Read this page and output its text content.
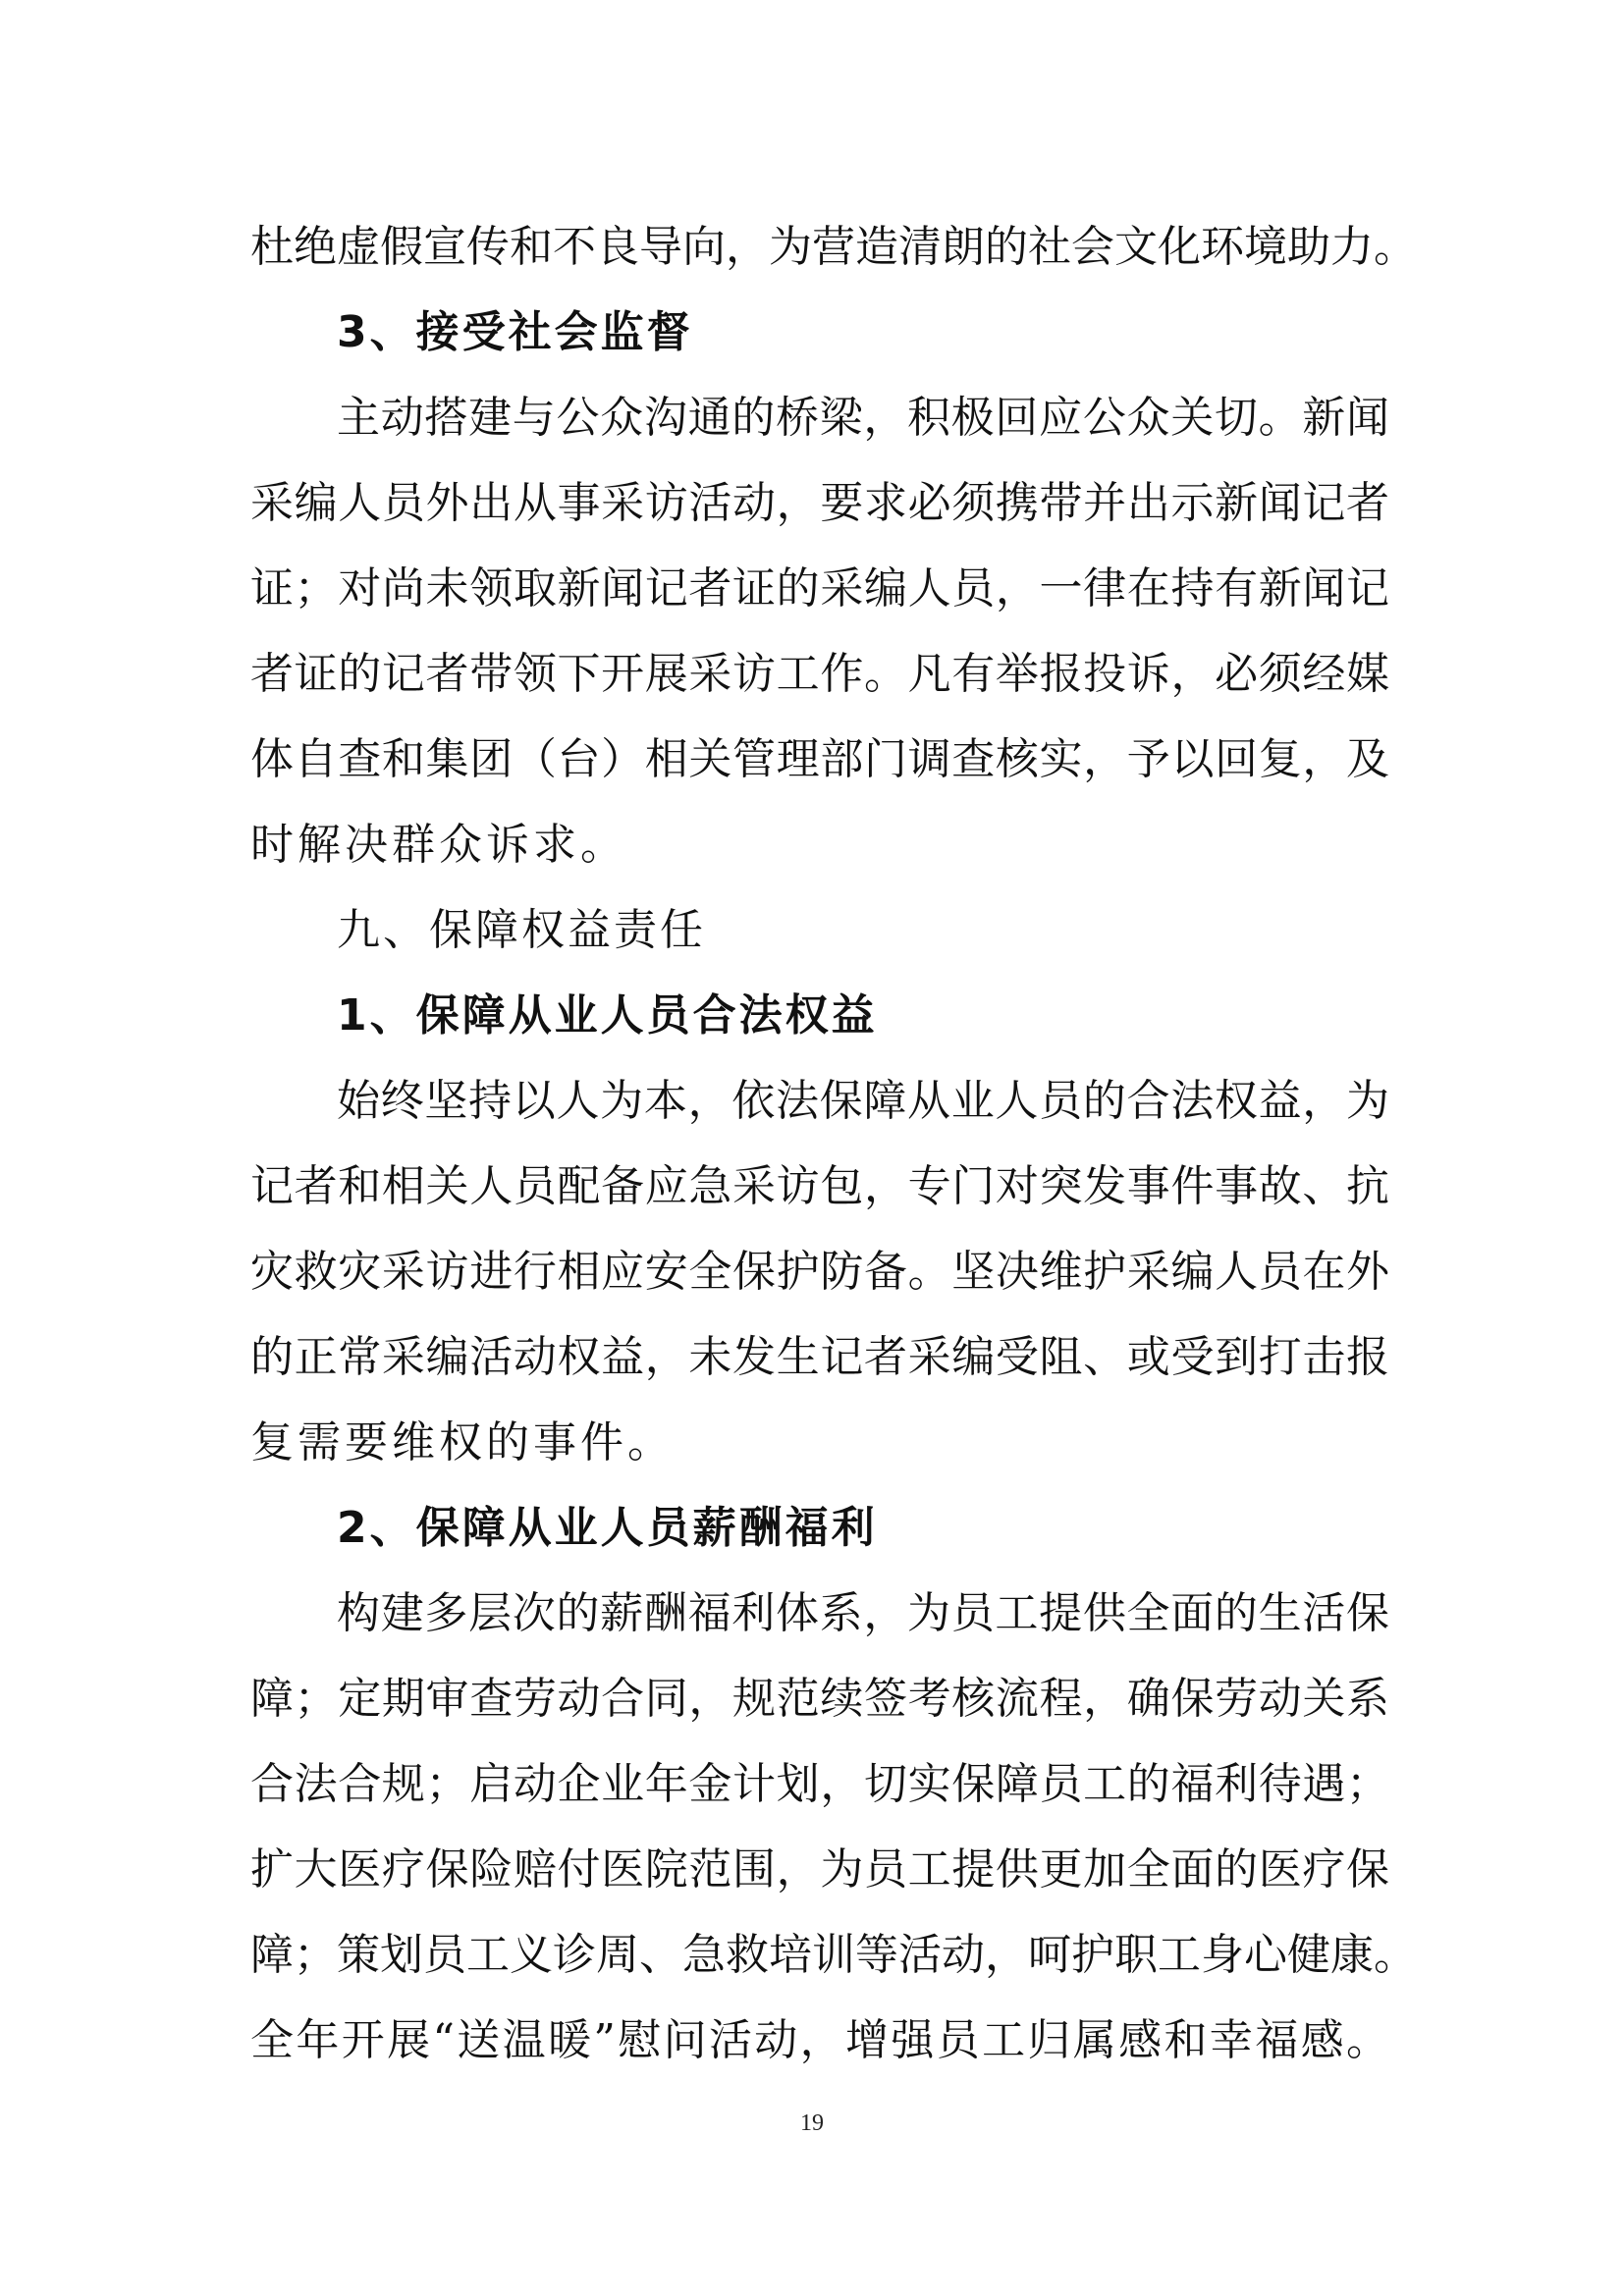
杜绝虚假宣传和不良导向，为营造清朗的社会文化环境助力。
3、接受社会监督
主动搭建与公众沟通的桥梁，积极回应公众关切。新闻
采编人员外出从事采访活动，要求必须携带并出示新闻记者
证；对尚未领取新闻记者证的采编人员，一律在持有新闻记
者证的记者带领下开展采访工作。凡有举报投诉，必须经媒
体自查和集团（台）相关管理部门调查核实，予以回复，及
时解决群众诉求。
九、保障权益责任
1、保障从业人员合法权益
始终坚持以人为本，依法保障从业人员的合法权益，为
记者和相关人员配备应急采访包，专门对突发事件事故、抗
灾救灾采访进行相应安全保护防备。坚决维护采编人员在外
的正常采编活动权益，未发生记者采编受阻、或受到打击报
复需要维权的事件。
2、保障从业人员薪酬福利
构建多层次的薪酬福利体系，为员工提供全面的生活保
障；定期审查劳动合同，规范续签考核流程，确保劳动关系
合法合规；启动企业年金计划，切实保障员工的福利待遇；
扩大医疗保险赔付医院范围，为员工提供更加全面的医疗保
障；策划员工义诊周、急救培训等活动，呵护职工身心健康。
全年开展“送温暖”慰问活动，增强员工归属感和幸福感。
19
